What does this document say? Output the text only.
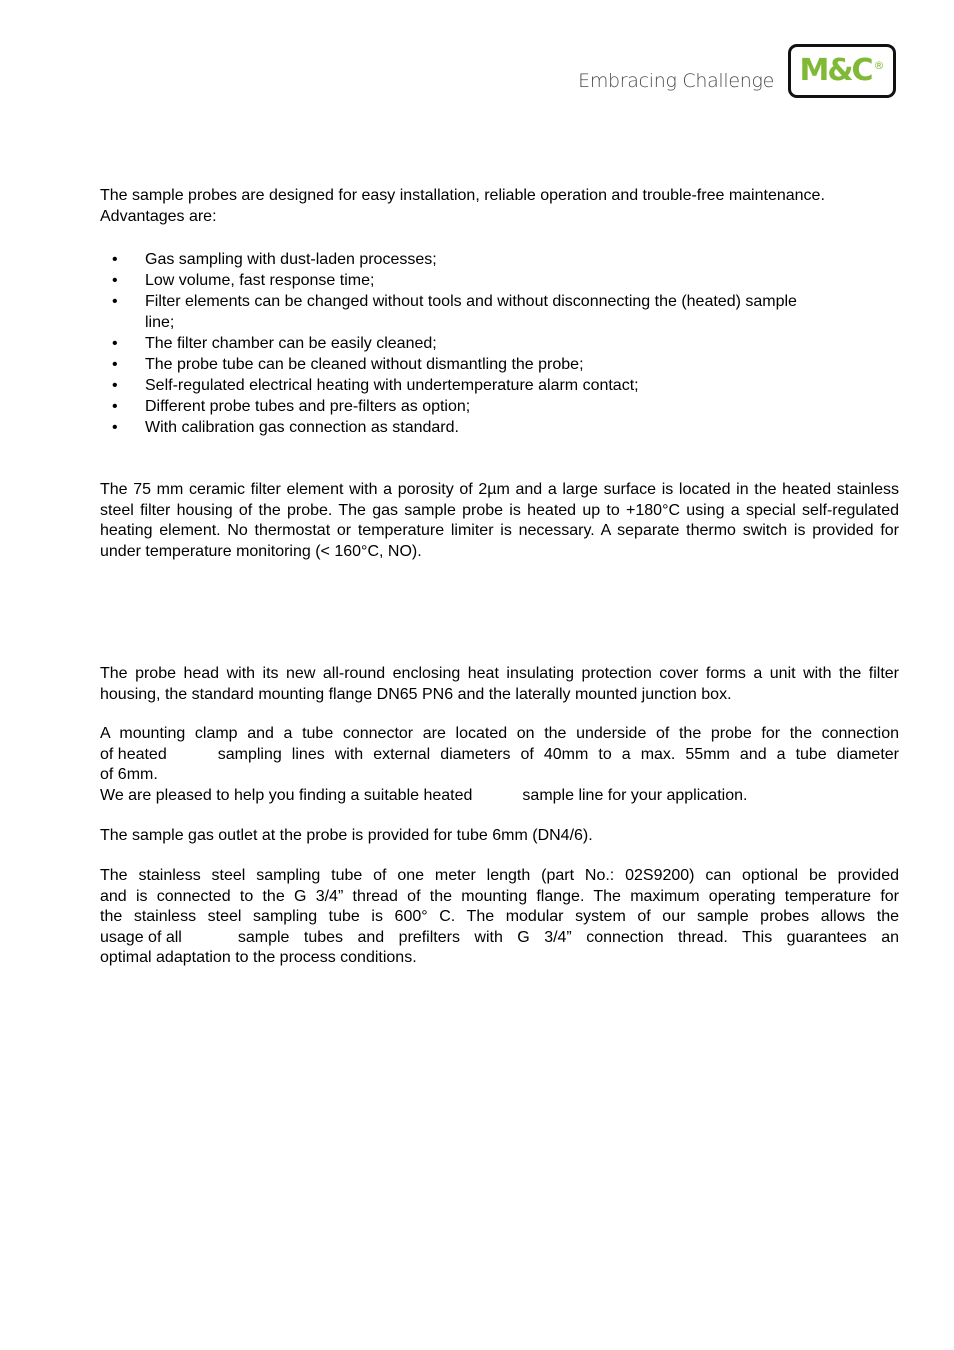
Embracing Challenge M&C ®

The sample probes are designed for easy installation, reliable operation and trouble-free maintenance.

Advantages are:

• Gas sampling with dust-laden processes;
• Low volume, fast response time;
• Filter elements can be changed without tools and without disconnecting the (heated) sample
line;
• The filter chamber can be easily cleaned;
• The probe tube can be cleaned without dismantling the probe;
• Self-regulated electrical heating with undertemperature alarm contact;
• Different probe tubes and pre-filters as option;
• With calibration gas connection as standard.

The 75 mm ceramic filter element with a porosity of 2µm and a large surface is located in the heated stainless steel filter housing of the probe. The gas sample probe is heated up to +180°C using a special self-regulated heating element. No thermostat or temperature limiter is necessary. A separate thermo switch is provided for under temperature monitoring (< 160°C, NO).

The probe head with its new all-round enclosing heat insulating protection cover forms a unit with the filter housing, the standard mounting flange DN65 PN6 and the laterally mounted junction box.

A mounting clamp and a tube connector are located on the underside of the probe for the connection

of heated	sampling lines with external diameters of 40mm to a max. 55mm and a tube diameter

of 6mm.

We are pleased to help you finding a suitable heated	sample line for your application.

The sample gas outlet at the probe is provided for tube 6mm (DN4/6).

The stainless steel sampling tube of one meter length (part No.: 02S9200) can optional be provided

and is connected to the G 3/4” thread of the mounting flange. The maximum operating temperature for

the stainless steel sampling tube is 600° C. The modular system of our sample probes allows the

usage of all	sample tubes and prefilters with G 3/4” connection thread. This guarantees an

optimal adaptation to the process conditions.
